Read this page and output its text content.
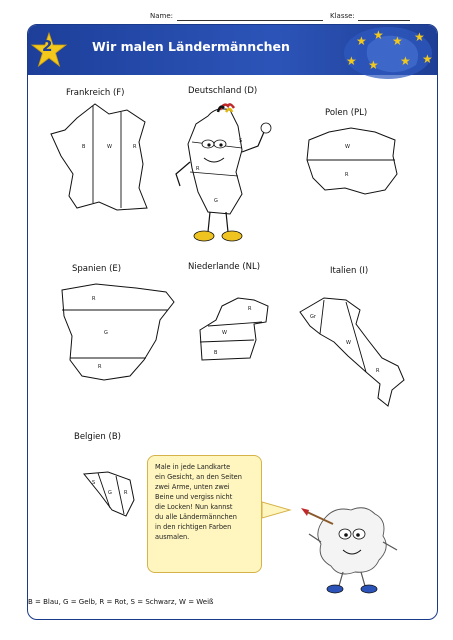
Name:	Klasse:
2	Wir malen Ländermännchen	★ ★ ★ ★
★ ★ ★ ★
Frankreich (F)
B	W	R
Deutschland (D)
S
R
G
Polen (PL)
W
R
Spanien (E)
R
G
R
Niederlande (NL)
R
W
B
Italien (I)
Gr
W
R
Belgien (B)
S
G R
Male in jede Landkarte
ein Gesicht, an den Seiten
zwei Arme, unten zwei
Beine und vergiss nicht
die Locken! Nun kannst
du alle Ländermännchen
in den richtigen Farben
ausmalen.
B = Blau, G = Gelb, R = Rot, S = Schwarz, W = Weiß
